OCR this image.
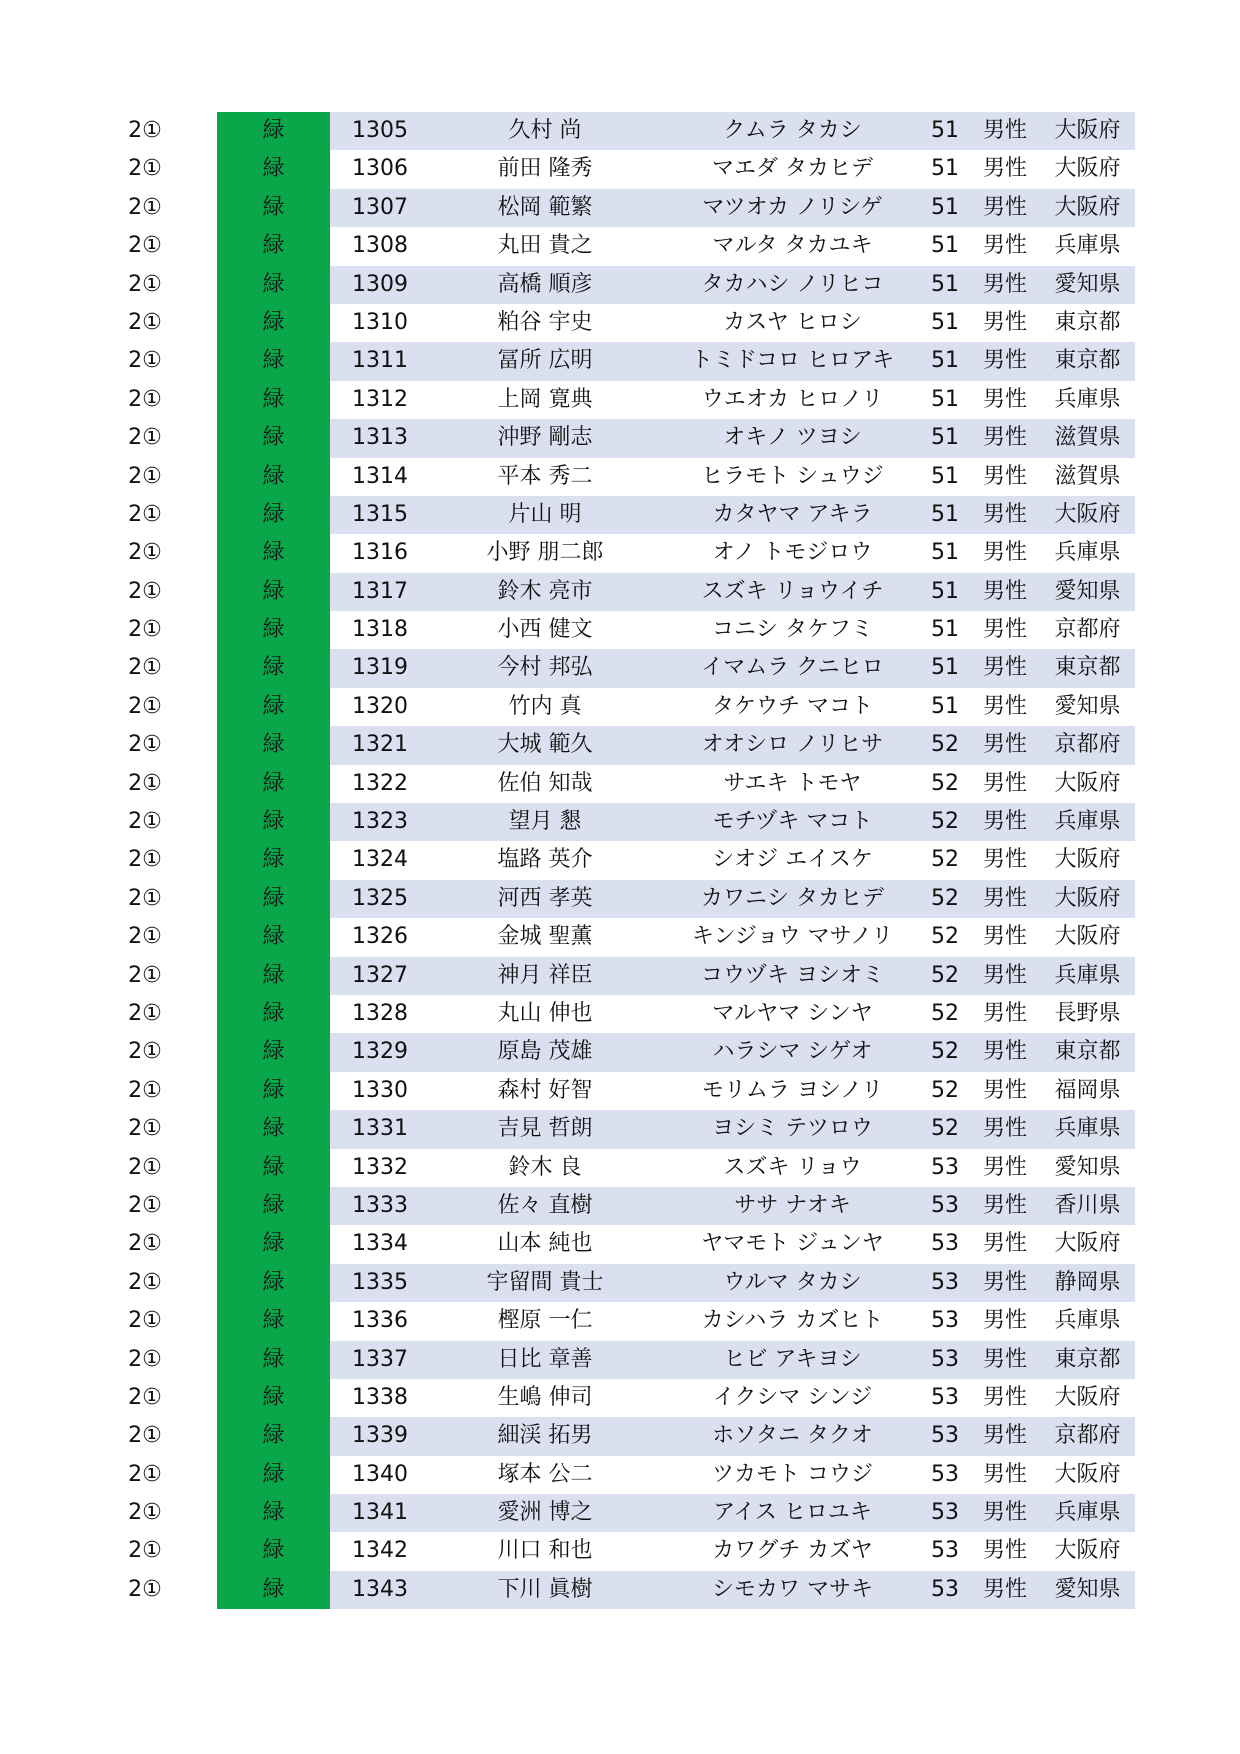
2①	緑	1305	久村 尚	クムラ タカシ	51	男性	大阪府
2①	緑	1306	前田 隆秀	マエダ タカヒデ	51	男性	大阪府
2①	緑	1307	松岡 範繁	マツオカ ノリシゲ	51	男性	大阪府
2①	緑	1308	丸田 貴之	マルタ タカユキ	51	男性	兵庫県
2①	緑	1309	高橋 順彦	タカハシ ノリヒコ	51	男性	愛知県
2①	緑	1310	粕谷 宇史	カスヤ ヒロシ	51	男性	東京都
2①	緑	1311	冨所 広明	トミドコロ ヒロアキ	51	男性	東京都
2①	緑	1312	上岡 寛典	ウエオカ ヒロノリ	51	男性	兵庫県
2①	緑	1313	沖野 剛志	オキノ ツヨシ	51	男性	滋賀県
2①	緑	1314	平本 秀二	ヒラモト シュウジ	51	男性	滋賀県
2①	緑	1315	片山 明	カタヤマ アキラ	51	男性	大阪府
2①	緑	1316	小野 朋二郎	オノ トモジロウ	51	男性	兵庫県
2①	緑	1317	鈴木 亮市	スズキ リョウイチ	51	男性	愛知県
2①	緑	1318	小西 健文	コニシ タケフミ	51	男性	京都府
2①	緑	1319	今村 邦弘	イマムラ クニヒロ	51	男性	東京都
2①	緑	1320	竹内 真	タケウチ マコト	51	男性	愛知県
2①	緑	1321	大城 範久	オオシロ ノリヒサ	52	男性	京都府
2①	緑	1322	佐伯 知哉	サエキ トモヤ	52	男性	大阪府
2①	緑	1323	望月 懇	モチヅキ マコト	52	男性	兵庫県
2①	緑	1324	塩路 英介	シオジ エイスケ	52	男性	大阪府
2①	緑	1325	河西 孝英	カワニシ タカヒデ	52	男性	大阪府
2①	緑	1326	金城 聖薫	キンジョウ マサノリ	52	男性	大阪府
2①	緑	1327	神月 祥臣	コウヅキ ヨシオミ	52	男性	兵庫県
2①	緑	1328	丸山 伸也	マルヤマ シンヤ	52	男性	長野県
2①	緑	1329	原島 茂雄	ハラシマ シゲオ	52	男性	東京都
2①	緑	1330	森村 好智	モリムラ ヨシノリ	52	男性	福岡県
2①	緑	1331	吉見 哲朗	ヨシミ テツロウ	52	男性	兵庫県
2①	緑	1332	鈴木 良	スズキ リョウ	53	男性	愛知県
2①	緑	1333	佐々 直樹	ササ ナオキ	53	男性	香川県
2①	緑	1334	山本 純也	ヤマモト ジュンヤ	53	男性	大阪府
2①	緑	1335	宇留間 貴士	ウルマ タカシ	53	男性	静岡県
2①	緑	1336	樫原 一仁	カシハラ カズヒト	53	男性	兵庫県
2①	緑	1337	日比 章善	ヒビ アキヨシ	53	男性	東京都
2①	緑	1338	生嶋 伸司	イクシマ シンジ	53	男性	大阪府
2①	緑	1339	細渓 拓男	ホソタニ タクオ	53	男性	京都府
2①	緑	1340	塚本 公二	ツカモト コウジ	53	男性	大阪府
2①	緑	1341	愛洲 博之	アイス ヒロユキ	53	男性	兵庫県
2①	緑	1342	川口 和也	カワグチ カズヤ	53	男性	大阪府
2①	緑	1343	下川 眞樹	シモカワ マサキ	53	男性	愛知県
